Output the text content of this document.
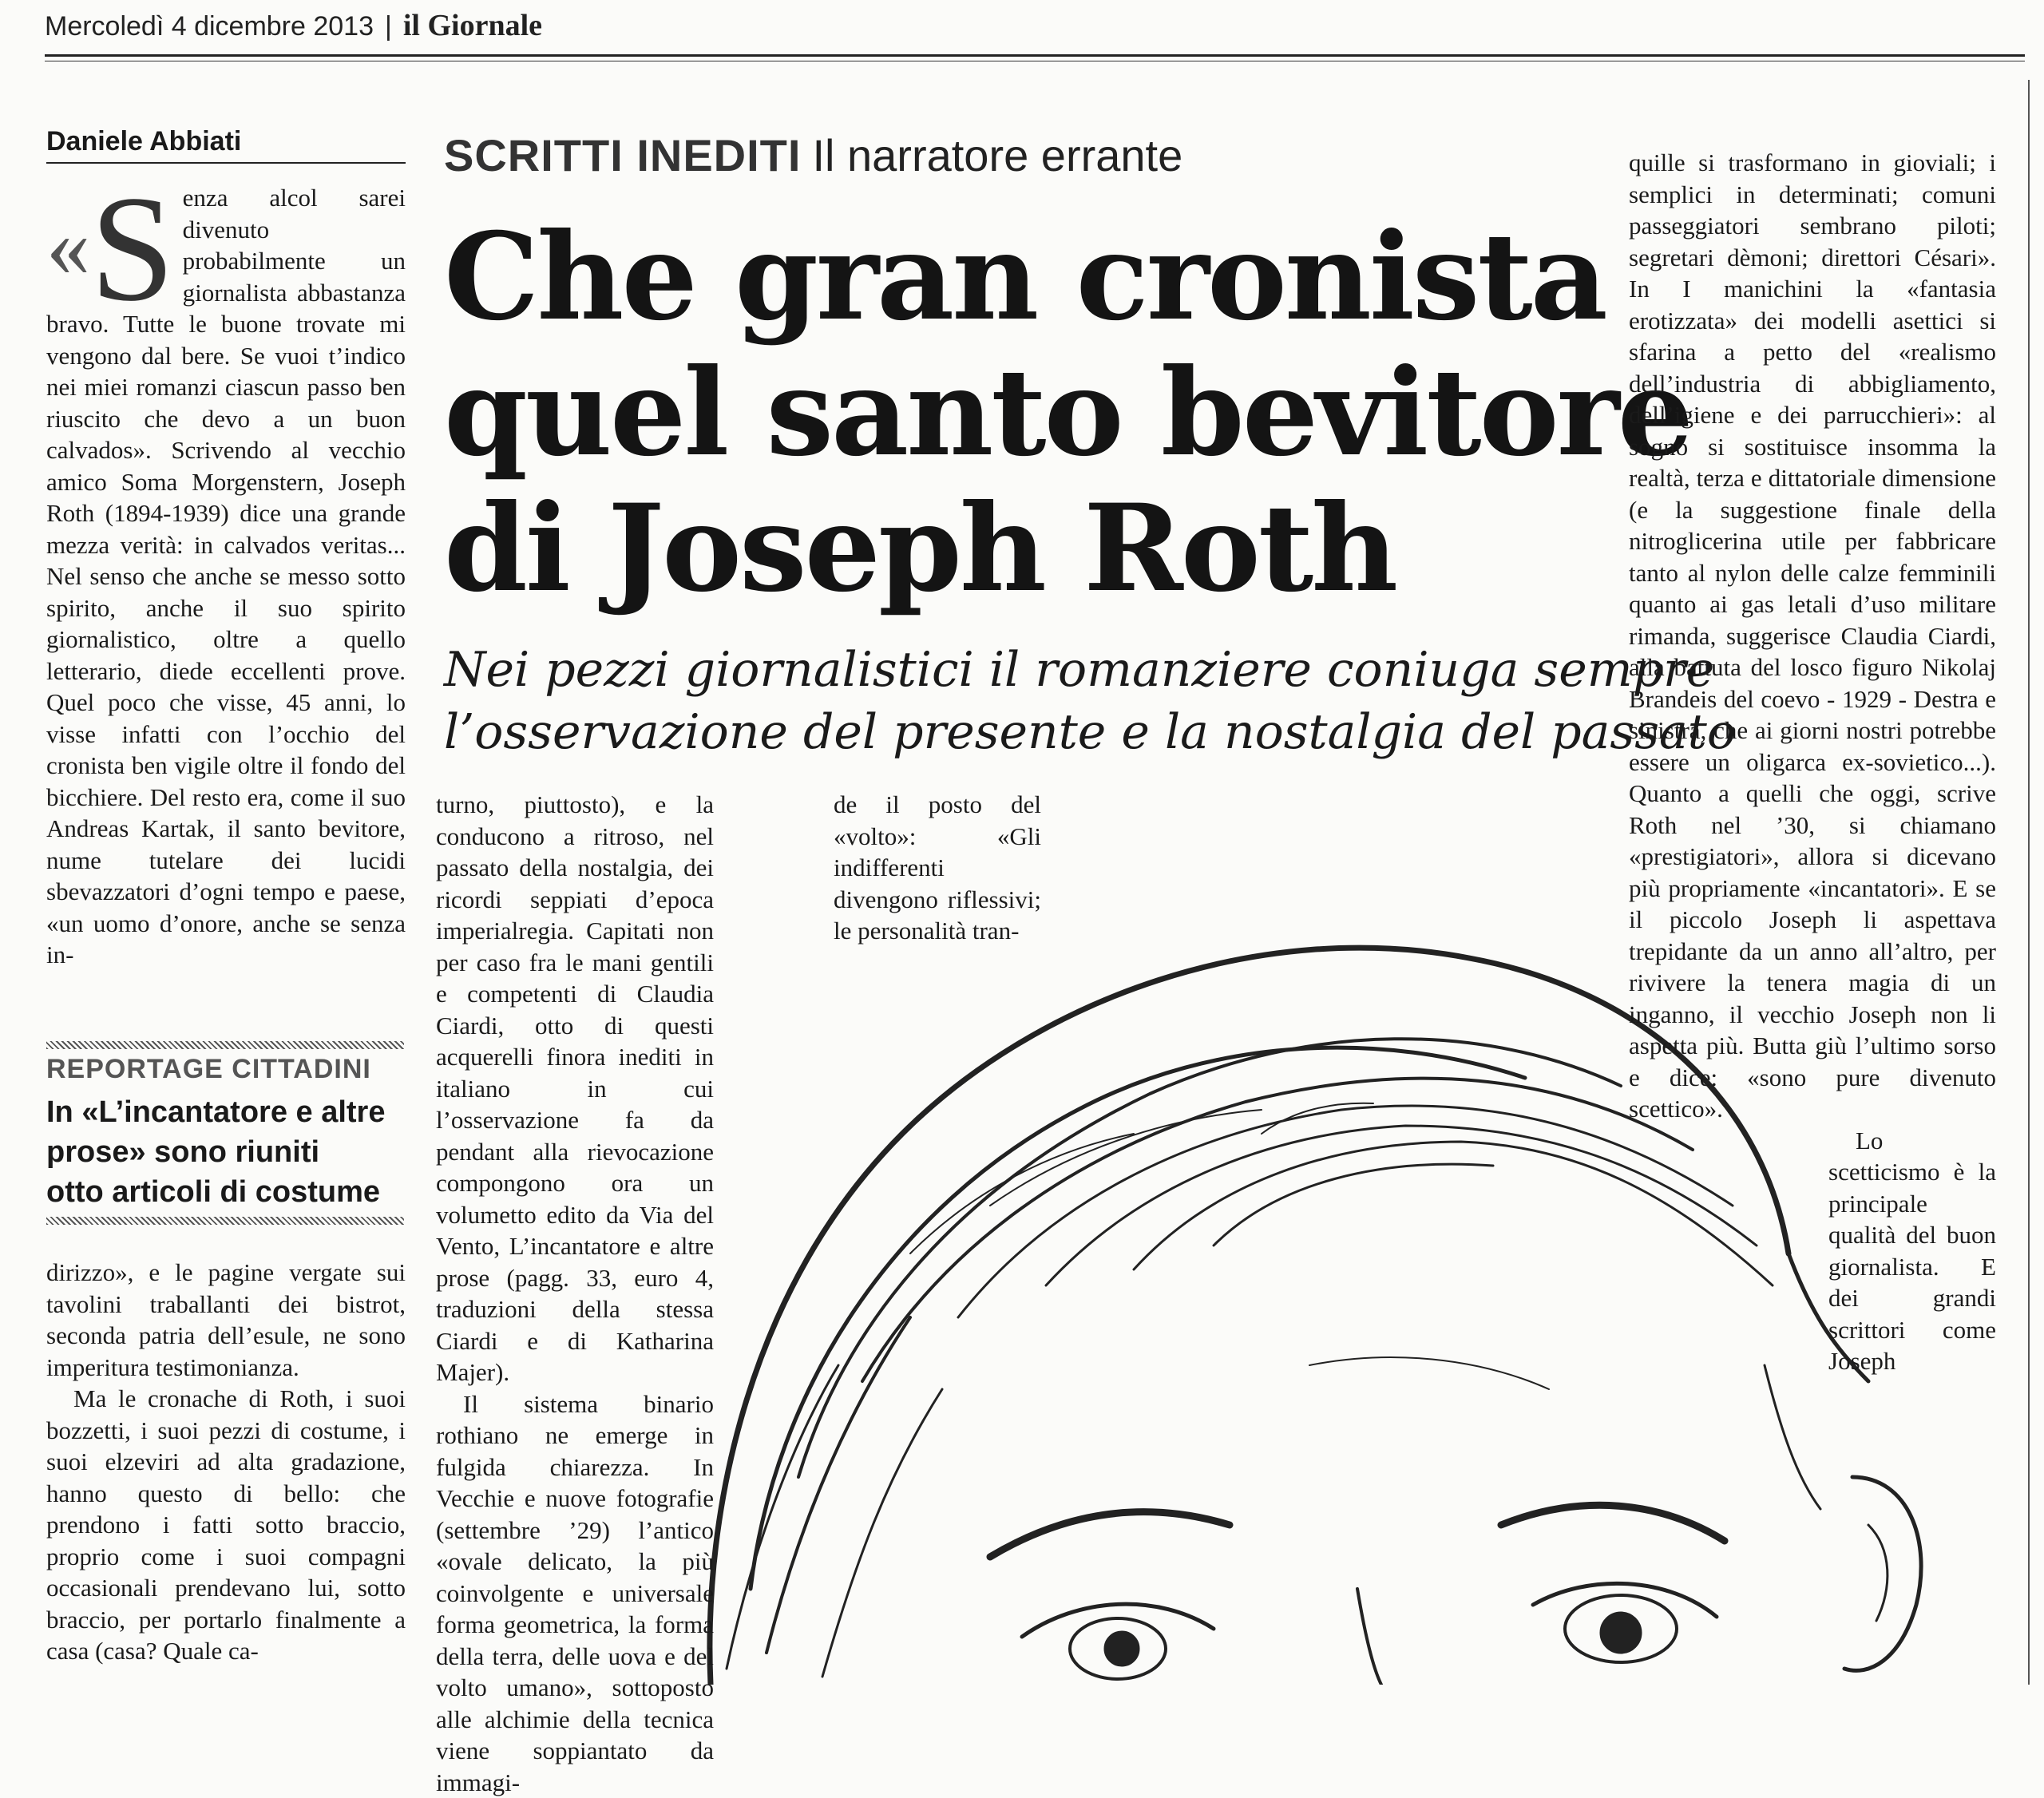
Mercoledì 4 dicembre 2013 | il Giornale
Daniele Abbiati

«S enza alcol sarei divenuto probabilmente un giornalista abbastanza bravo. Tutte le buone trovate mi vengono dal bere. Se vuoi t’indico nei miei romanzi ciascun passo ben riuscito che devo a un buon calvados». Scrivendo al vecchio amico Soma Morgenstern, Joseph Roth (1894-1939) dice una grande mezza verità: in calvados veritas... Nel senso che anche se messo sotto spirito, anche il suo spirito giornalistico, oltre a quello letterario, diede eccellenti prove. Quel poco che visse, 45 anni, lo visse infatti con l’occhio del cronista ben vigile oltre il fondo del bicchiere. Del resto era, come il suo Andreas Kartak, il santo bevitore, nume tutelare dei lucidi sbevazzatori d’ogni tempo e paese, «un uomo d’onore, anche se senza in-

REPORTAGE CITTADINI
In «L’incantatore e altre
prose» sono riuniti
otto articoli di costume

dirizzo», e le pagine vergate sui tavolini traballanti dei bistrot, seconda patria dell’esule, ne sono imperitura testimonianza.

Ma le cronache di Roth, i suoi bozzetti, i suoi pezzi di costume, i suoi elzeviri ad alta gradazione, hanno questo di bello: che prendono i fatti sotto braccio, proprio come i suoi compagni occasionali prendevano lui, sotto braccio, per portarlo finalmente a casa (casa? Quale ca-

SCRITTI INEDITI Il narratore errante
Che gran cronista
quel santo bevitore
di Joseph Roth
Nei pezzi giornalistici il romanziere coniuga sempre
l’osservazione del presente e la nostalgia del passato

turno, piuttosto), e la conducono a ritroso, nel passato della nostalgia, dei ricordi seppiati d’epoca imperialregia. Capitati non per caso fra le mani gentili e competenti di Claudia Ciardi, otto di questi acquerelli finora inediti in italiano in cui l’osservazione fa da pendant alla rievocazione compongono ora un volumetto edito da Via del Vento, L’incantatore e altre prose (pagg. 33, euro 4, traduzioni della stessa Ciardi e di Katharina Majer).

Il sistema binario rothiano ne emerge in fulgida chiarezza. In Vecchie e nuove fotografie (settembre ’29) l’antico «ovale delicato, la più coinvolgente e universale forma geometrica, la forma della terra, delle uova e del volto umano», sottoposto alle alchimie della tecnica viene soppiantato da immagi-

de il posto del «volto»: «Gli indifferenti divengono riflessivi; le personalità tran-

quille si trasformano in gioviali; i semplici in determinati; comuni passeggiatori sembrano piloti; segretari dèmoni; direttori Césari». In I manichini la «fantasia erotizzata» dei modelli asettici si sfarina a petto del «realismo dell’industria di abbigliamento, dell’igiene e dei parrucchieri»: al sogno si sostituisce insomma la realtà, terza e dittatoriale dimensione (e la suggestione finale della nitroglicerina utile per fabbricare tanto al nylon delle calze femminili quanto ai gas letali d’uso militare rimanda, suggerisce Claudia Ciardi, alla battuta del losco figuro Nikolaj Brandeis del coevo - 1929 - Destra e sinistra, che ai giorni nostri potrebbe essere un oligarca ex-sovietico...). Quanto a quelli che oggi, scrive Roth nel ’30, si chiamano «prestigiatori», allora si dicevano più propriamente «incantatori». E se il piccolo Joseph li aspettava trepidante da un anno all’altro, per rivivere la tenera magia di un inganno, il vecchio Joseph non li aspetta più. Butta giù l’ultimo sorso e dice: «sono pure divenuto scettico».

Lo scetticismo è la principale qualità del buon giornalista. E dei grandi scrittori come Joseph
